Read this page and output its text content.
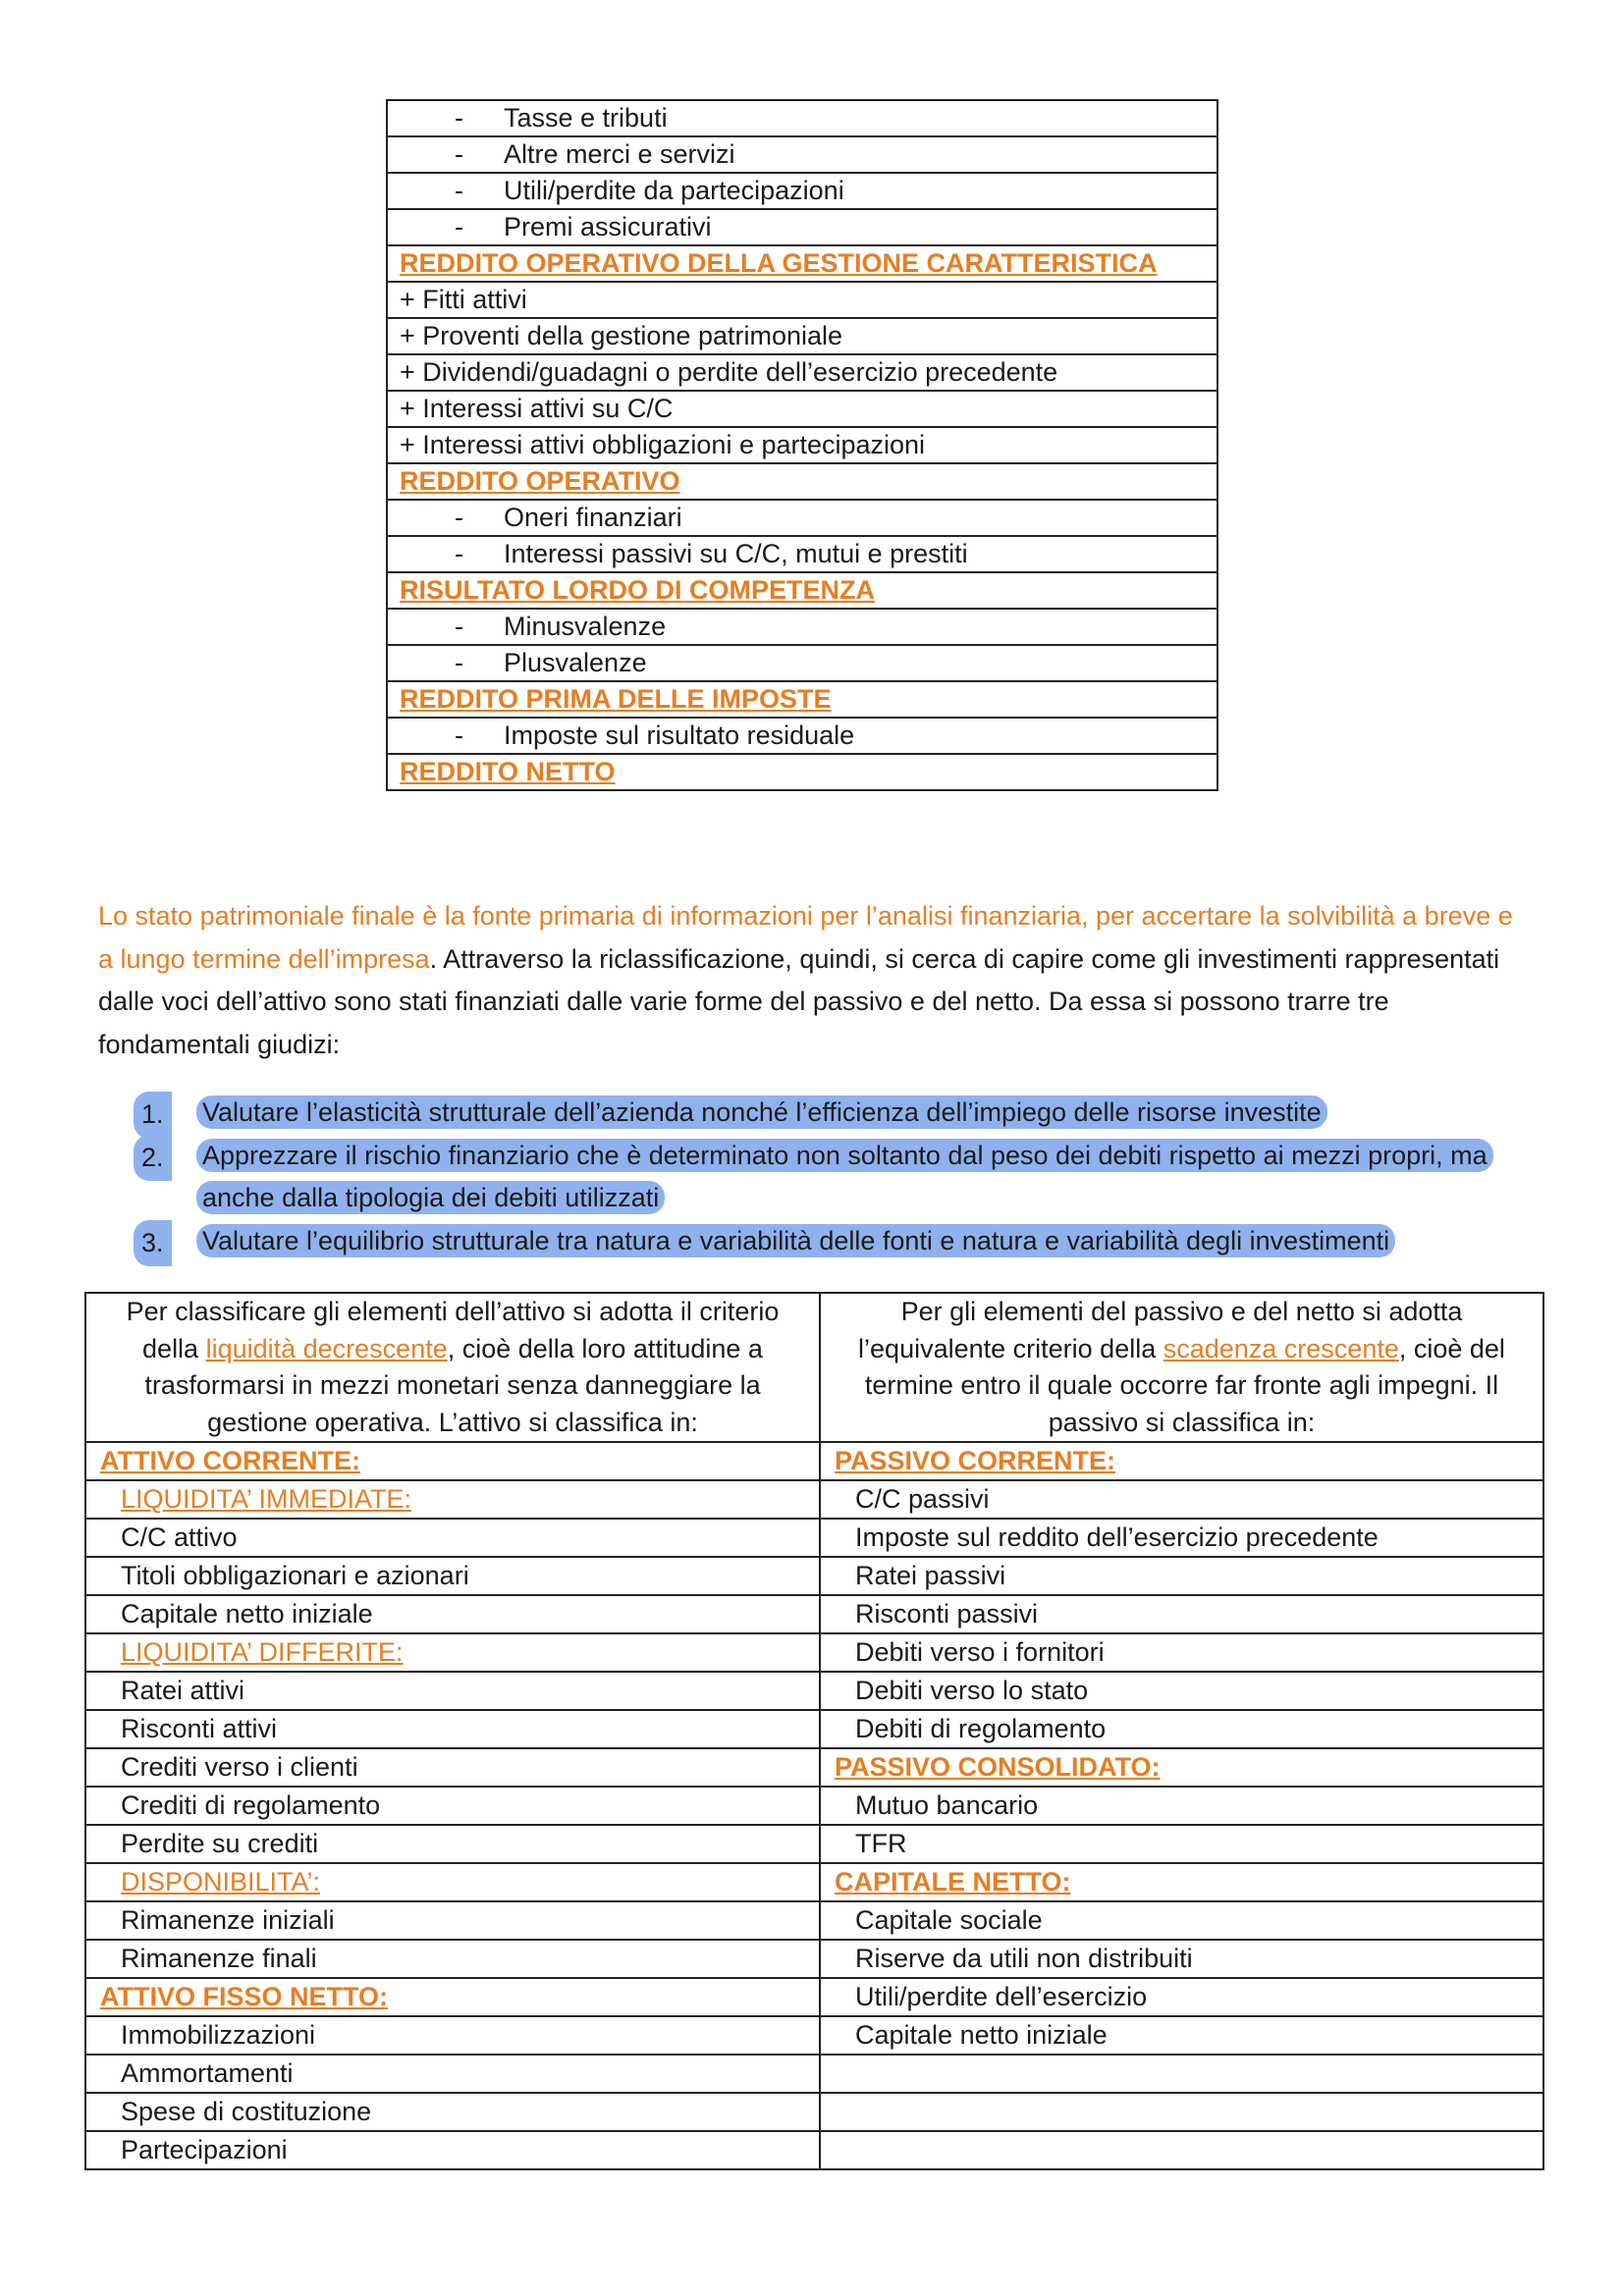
- Tasse e tributi
- Altre merci e servizi
- Utili/perdite da partecipazioni
- Premi assicurativi
REDDITO OPERATIVO DELLA GESTIONE CARATTERISTICA
+ Fitti attivi
+ Proventi della gestione patrimoniale
+ Dividendi/guadagni o perdite dell’esercizio precedente
+ Interessi attivi su C/C
+ Interessi attivi obbligazioni e partecipazioni
REDDITO OPERATIVO
- Oneri finanziari
- Interessi passivi su C/C, mutui e prestiti
RISULTATO LORDO DI COMPETENZA
- Minusvalenze
- Plusvalenze
REDDITO PRIMA DELLE IMPOSTE
- Imposte sul risultato residuale
REDDITO NETTO

Lo stato patrimoniale finale è la fonte primaria di informazioni per l’analisi finanziaria, per accertare la solvibilità a breve e a lungo termine dell’impresa. Attraverso la riclassificazione, quindi, si cerca di capire come gli investimenti rappresentati dalle voci dell’attivo sono stati finanziati dalle varie forme del passivo e del netto. Da essa si possono trarre tre fondamentali giudizi:

1. Valutare l’elasticità strutturale dell’azienda nonché l’efficienza dell’impiego delle risorse investite
2. Apprezzare il rischio finanziario che è determinato non soltanto dal peso dei debiti rispetto ai mezzi propri, ma anche dalla tipologia dei debiti utilizzati
3. Valutare l’equilibrio strutturale tra natura e variabilità delle fonti e natura e variabilità degli investimenti
Per classificare gli elementi dell’attivo si adotta il criterio della liquidità decrescente, cioè della loro attitudine a trasformarsi in mezzi monetari senza danneggiare la gestione operativa. L’attivo si classifica in:	Per gli elementi del passivo e del netto si adotta l’equivalente criterio della scadenza crescente, cioè del termine entro il quale occorre far fronte agli impegni. Il passivo si classifica in:
ATTIVO CORRENTE:	PASSIVO CORRENTE:
LIQUIDITA’ IMMEDIATE:	C/C passivi
C/C attivo	Imposte sul reddito dell’esercizio precedente
Titoli obbligazionari e azionari	Ratei passivi
Capitale netto iniziale	Risconti passivi
LIQUIDITA’ DIFFERITE:	Debiti verso i fornitori
Ratei attivi	Debiti verso lo stato
Risconti attivi	Debiti di regolamento
Crediti verso i clienti	PASSIVO CONSOLIDATO:
Crediti di regolamento	Mutuo bancario
Perdite su crediti	TFR
DISPONIBILITA’:	CAPITALE NETTO:
Rimanenze iniziali	Capitale sociale
Rimanenze finali	Riserve da utili non distribuiti
ATTIVO FISSO NETTO:	Utili/perdite dell’esercizio
Immobilizzazioni	Capitale netto iniziale
Ammortamenti	
Spese di costituzione	
Partecipazioni	
